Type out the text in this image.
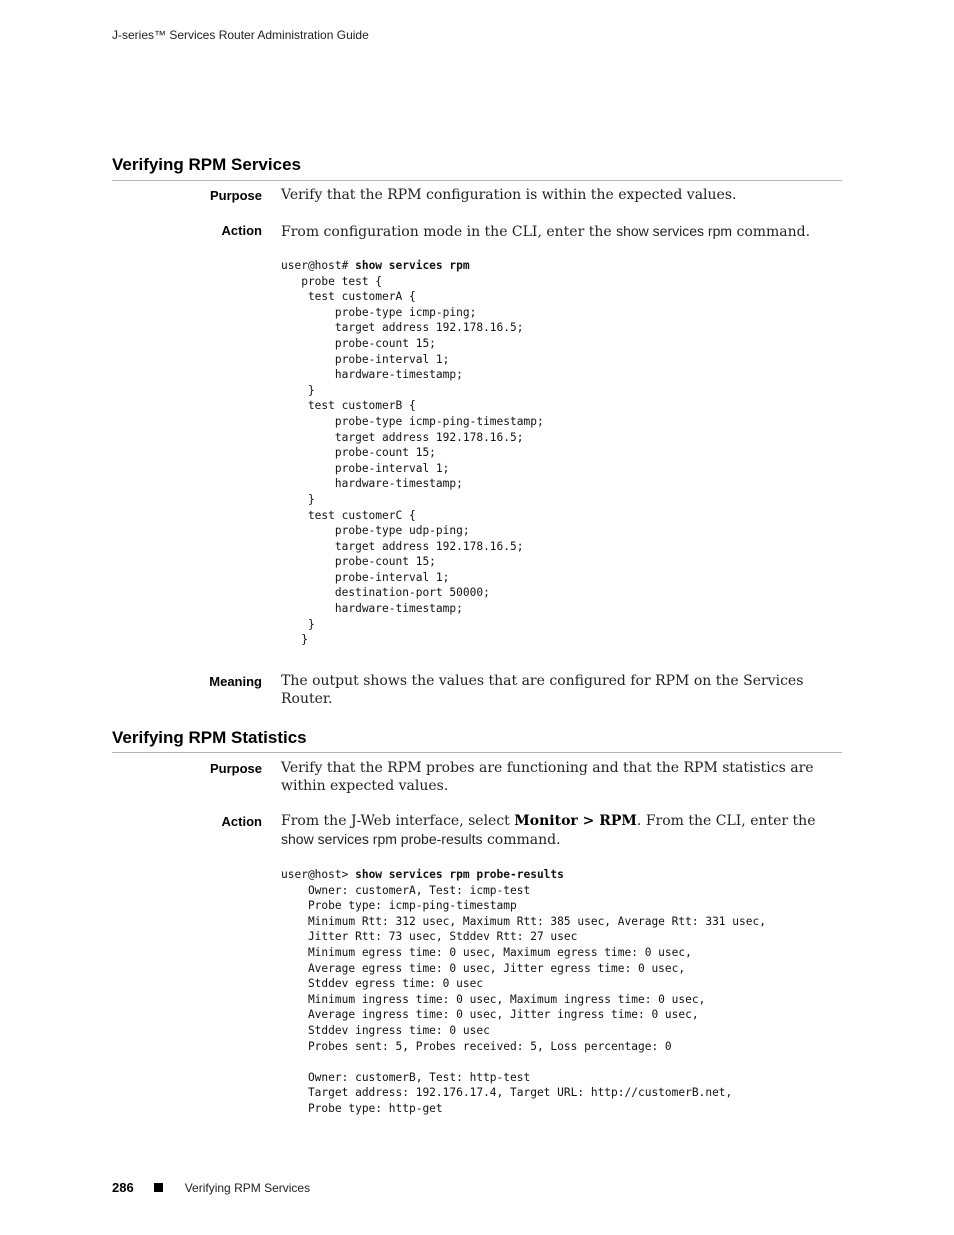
J-series™ Services Router Administration Guide
Verifying RPM Services
Purpose Verify that the RPM configuration is within the expected values.
Action From configuration mode in the CLI, enter the show services rpm command.
user@host# show services rpm
probe test {
test customerA {
probe-type icmp-ping;
target address 192.178.16.5;
probe-count 15;
probe-interval 1;
hardware-timestamp;
}
test customerB {
probe-type icmp-ping-timestamp;
target address 192.178.16.5;
probe-count 15;
probe-interval 1;
hardware-timestamp;
}
test customerC {
probe-type udp-ping;
target address 192.178.16.5;
probe-count 15;
probe-interval 1;
destination-port 50000;
hardware-timestamp;
}
}
Meaning The output shows the values that are configured for RPM on the Services Router.
Verifying RPM Statistics
Purpose Verify that the RPM probes are functioning and that the RPM statistics are within expected values.
Action From the J-Web interface, select Monitor > RPM. From the CLI, enter the show services rpm probe-results command.
user@host> show services rpm probe-results
Owner: customerA, Test: icmp-test
Probe type: icmp-ping-timestamp
Minimum Rtt: 312 usec, Maximum Rtt: 385 usec, Average Rtt: 331 usec,
Jitter Rtt: 73 usec, Stddev Rtt: 27 usec
Minimum egress time: 0 usec, Maximum egress time: 0 usec,
Average egress time: 0 usec, Jitter egress time: 0 usec,
Stddev egress time: 0 usec
Minimum ingress time: 0 usec, Maximum ingress time: 0 usec,
Average ingress time: 0 usec, Jitter ingress time: 0 usec,
Stddev ingress time: 0 usec
Probes sent: 5, Probes received: 5, Loss percentage: 0

Owner: customerB, Test: http-test
Target address: 192.176.17.4, Target URL: http://customerB.net,
Probe type: http-get
286	Verifying RPM Services
